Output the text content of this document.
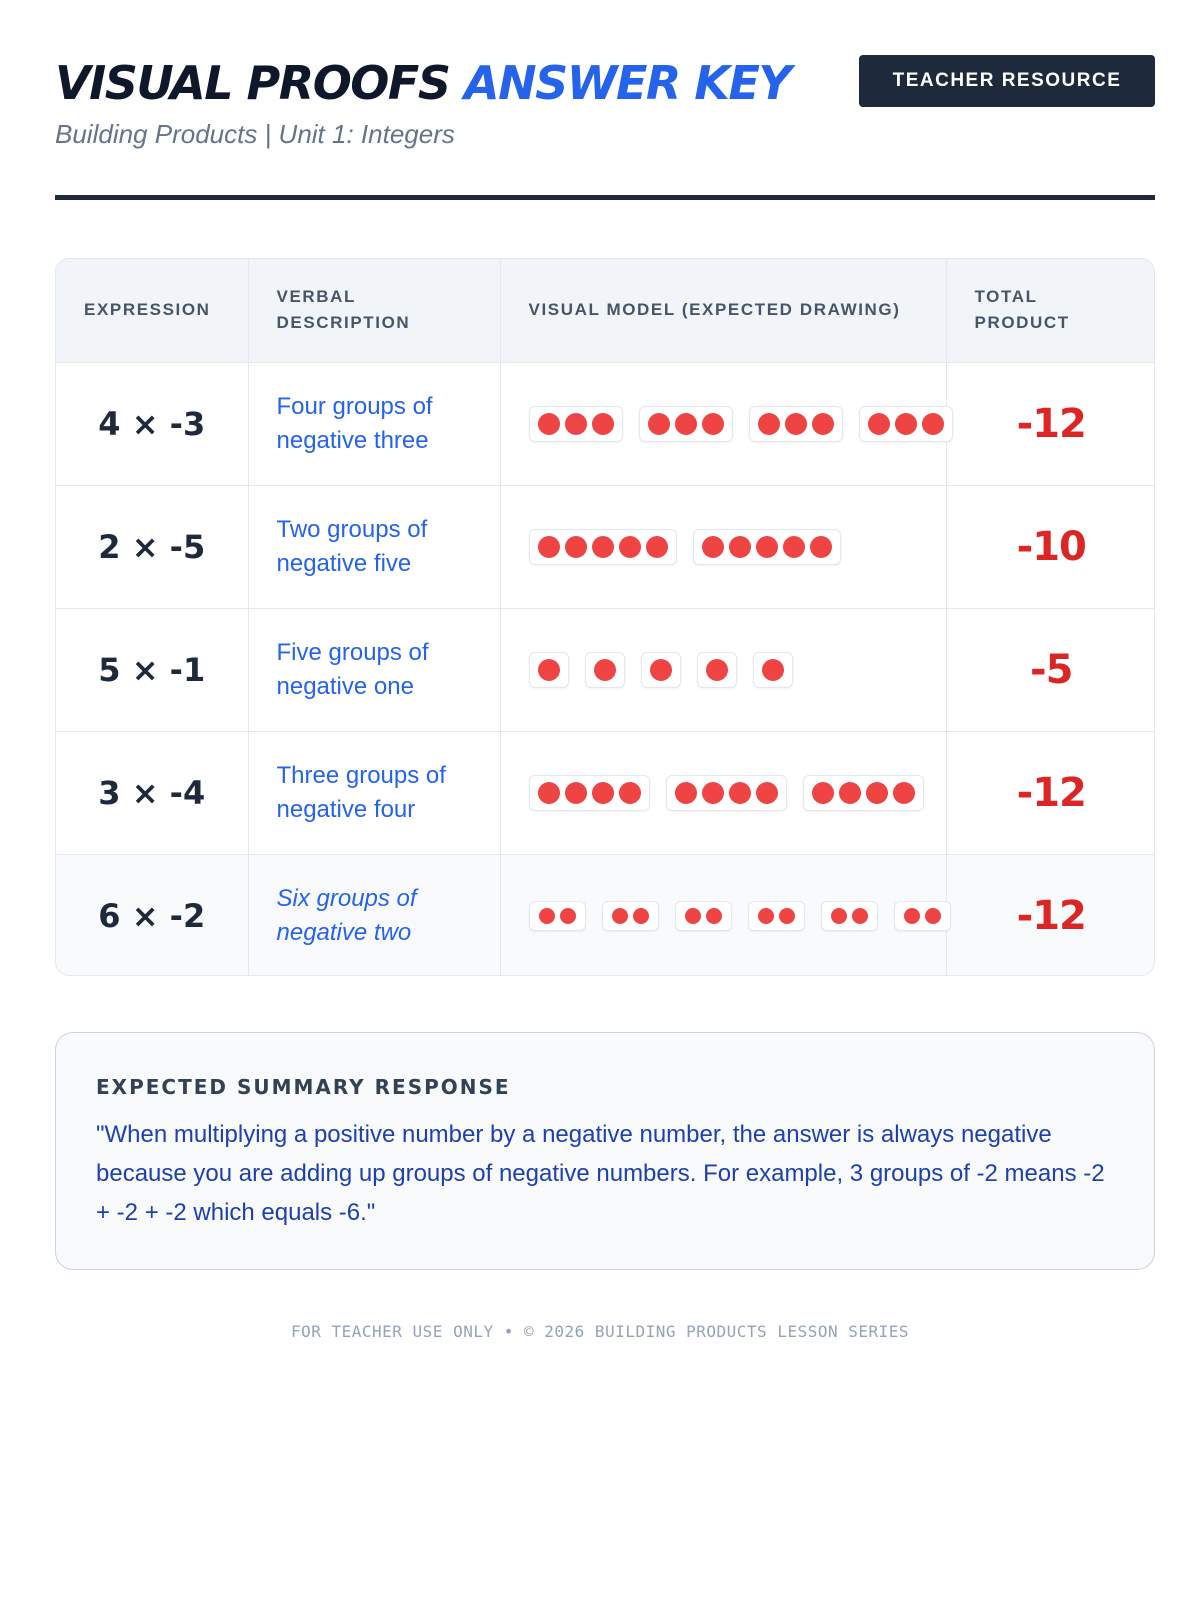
VISUAL PROOFS ANSWER KEY
Building Products | Unit 1: Integers
TEACHER RESOURCE
EXPRESSION	VERBAL DESCRIPTION	VISUAL MODEL (EXPECTED DRAWING)	TOTAL PRODUCT
4 × -3	Four groups of negative three		-12
2 × -5	Two groups of negative five		-10
5 × -1	Five groups of negative one		-5
3 × -4	Three groups of negative four		-12
6 × -2	Six groups of negative two		-12
EXPECTED SUMMARY RESPONSE
"When multiplying a positive number by a negative number, the answer is always negative because you are adding up groups of negative numbers. For example, 3 groups of -2 means -2 + -2 + -2 which equals -6."
FOR TEACHER USE ONLY • © 2026 BUILDING PRODUCTS LESSON SERIES
